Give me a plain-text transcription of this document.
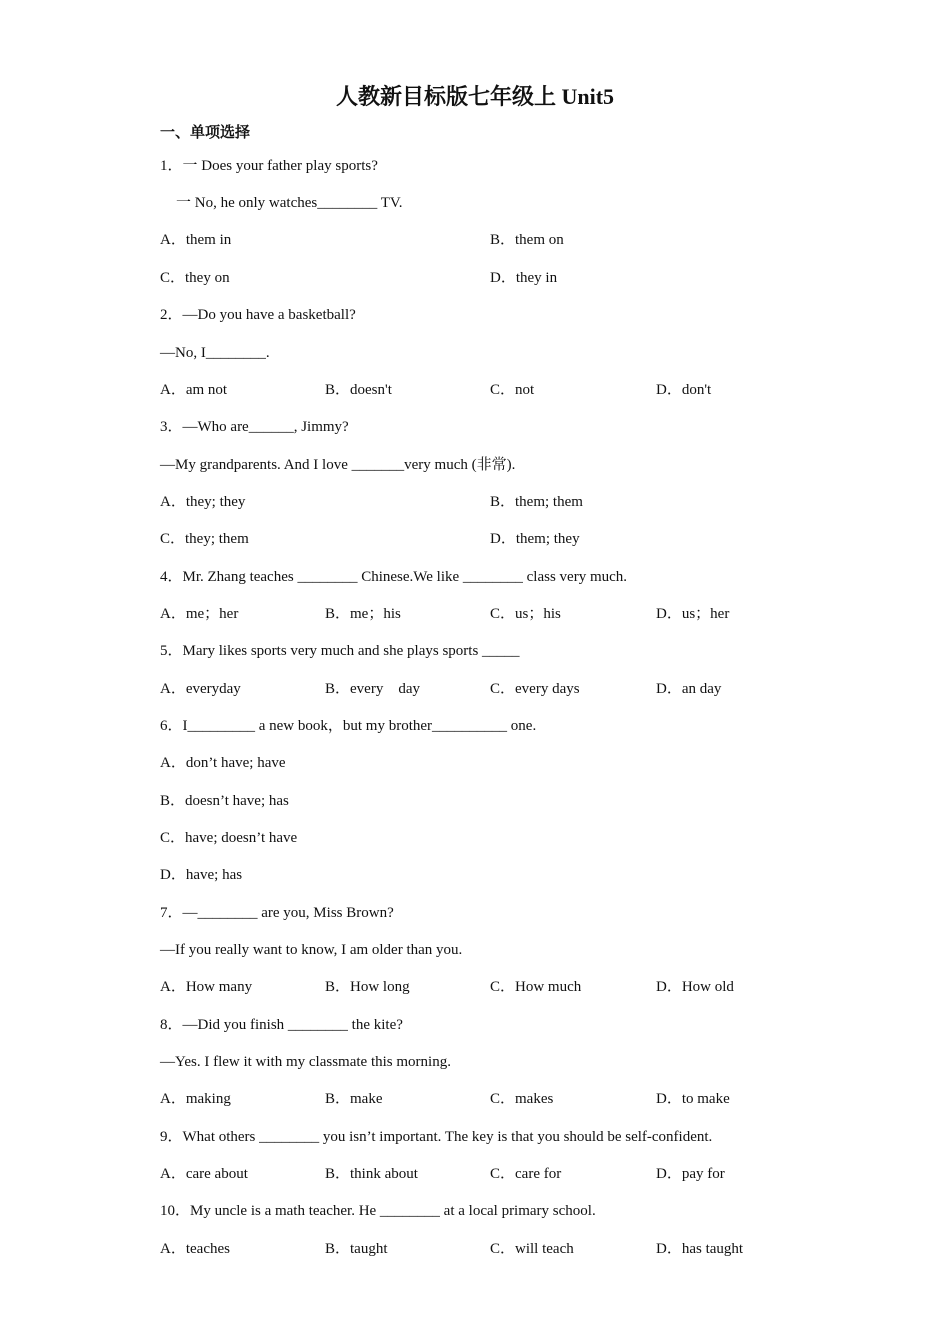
人教新目标版七年级上 Unit5
一、单项选择
1．一 Does your father play sports?
一 No, he only watches________ TV.
A．them in	B．them on
C．they on	D．they in
2．—Do you have a basketball?
—No, I________.
A．am not	B．doesn't	C．not	D．don't
3．—Who are______, Jimmy?
—My grandparents. And I love _______very much (非常).
A．they; they	B．them; them
C．they; them	D．them; they
4．Mr. Zhang teaches ________ Chinese.We like ________ class very much.
A．me；her	B．me；his	C．us；his	D．us；her
5．Mary likes sports very much and she plays sports _____
A．everyday	B．every    day	C．every days	D．an day
6．I_________ a new book，but my brother__________ one.
A．don’t have; have
B．doesn’t have; has
C．have; doesn’t have
D．have; has
7．—________ are you, Miss Brown?
—If you really want to know, I am older than you.
A．How many	B．How long	C．How much	D．How old
8．—Did you finish ________ the kite?
—Yes. I flew it with my classmate this morning.
A．making	B．make	C．makes	D．to make
9．What others ________ you isn’t important. The key is that you should be self-confident.
A．care about	B．think about	C．care for	D．pay for
10．My uncle is a math teacher. He ________ at a local primary school.
A．teaches	B．taught	C．will teach	D．has taught
